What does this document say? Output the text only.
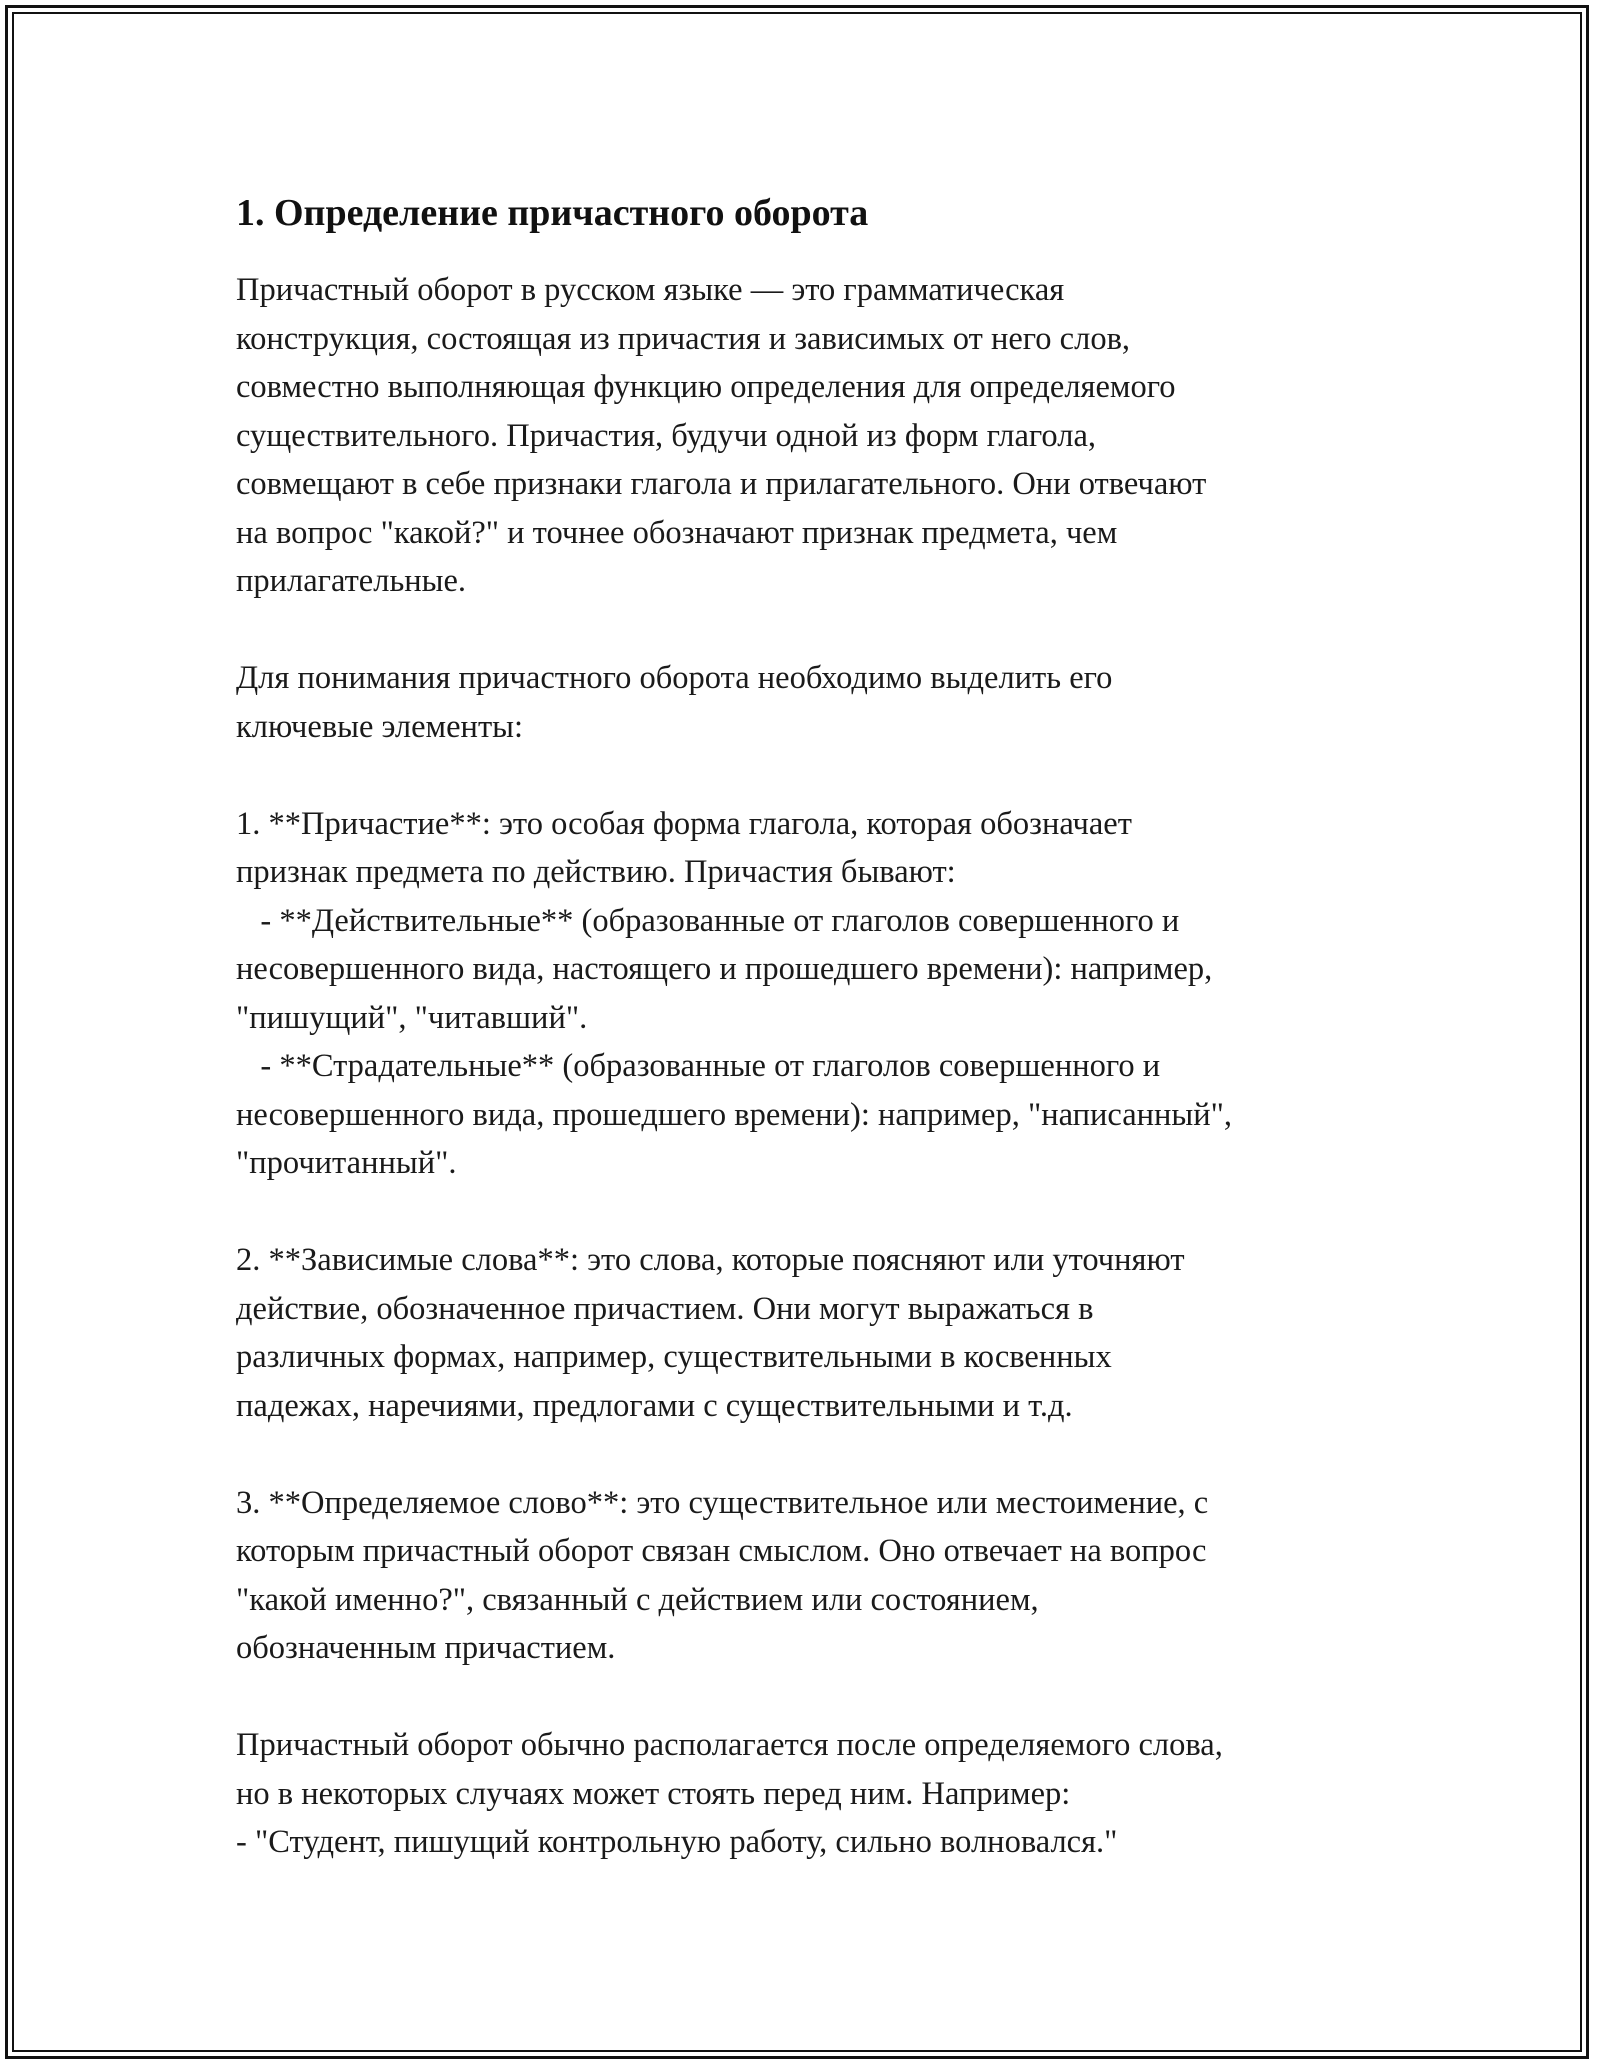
1. Определение причастного оборота

Причастный оборот в русском языке — это грамматическая
конструкция, состоящая из причастия и зависимых от него слов,
совместно выполняющая функцию определения для определяемого
существительного. Причастия, будучи одной из форм глагола,
совмещают в себе признаки глагола и прилагательного. Они отвечают
на вопрос "какой?" и точнее обозначают признак предмета, чем
прилагательные.

Для понимания причастного оборота необходимо выделить его
ключевые элементы:

1. **Причастие**: это особая форма глагола, которая обозначает
признак предмета по действию. Причастия бывают:
- **Действительные** (образованные от глаголов совершенного и
несовершенного вида, настоящего и прошедшего времени): например,
"пишущий", "читавший".
- **Страдательные** (образованные от глаголов совершенного и
несовершенного вида, прошедшего времени): например, "написанный",
"прочитанный".

2. **Зависимые слова**: это слова, которые поясняют или уточняют
действие, обозначенное причастием. Они могут выражаться в
различных формах, например, существительными в косвенных
падежах, наречиями, предлогами с существительными и т.д.

3. **Определяемое слово**: это существительное или местоимение, с
которым причастный оборот связан смыслом. Оно отвечает на вопрос
"какой именно?", связанный с действием или состоянием,
обозначенным причастием.

Причастный оборот обычно располагается после определяемого слова,
но в некоторых случаях может стоять перед ним. Например:
- "Студент, пишущий контрольную работу, сильно волновался."
